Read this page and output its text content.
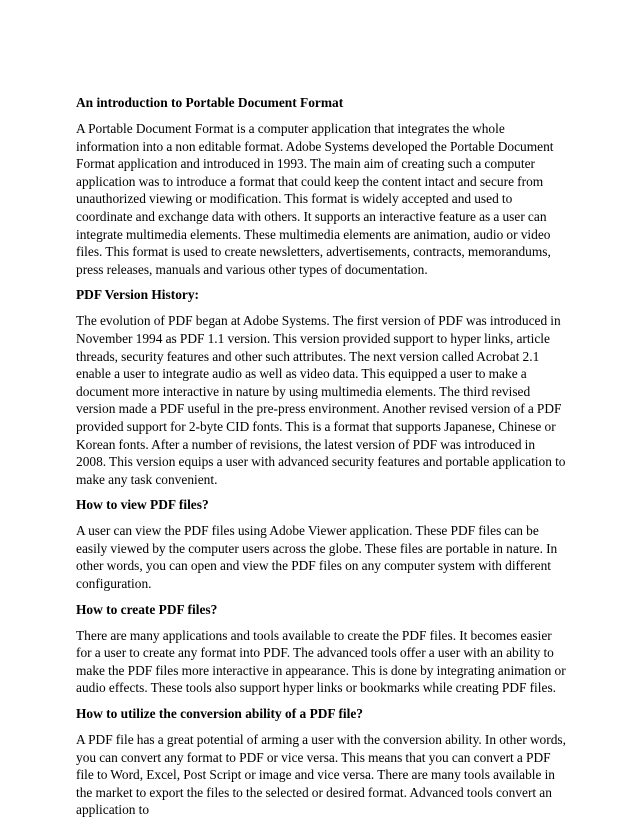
An introduction to Portable Document Format

A Portable Document Format is a computer application that integrates the whole information into a non editable format. Adobe Systems developed the Portable Document Format application and introduced in 1993. The main aim of creating such a computer application was to introduce a format that could keep the content intact and secure from unauthorized viewing or modification. This format is widely accepted and used to coordinate and exchange data with others. It supports an interactive feature as a user can integrate multimedia elements. These multimedia elements are animation, audio or video files. This format is used to create newsletters, advertisements, contracts, memorandums, press releases, manuals and various other types of documentation.

PDF Version History:

The evolution of PDF began at Adobe Systems. The first version of PDF was introduced in November 1994 as PDF 1.1 version. This version provided support to hyper links, article threads, security features and other such attributes. The next version called Acrobat 2.1 enable a user to integrate audio as well as video data. This equipped a user to make a document more interactive in nature by using multimedia elements. The third revised version made a PDF useful in the pre-press environment. Another revised version of a PDF provided support for 2-byte CID fonts. This is a format that supports Japanese, Chinese or Korean fonts. After a number of revisions, the latest version of PDF was introduced in 2008. This version equips a user with advanced security features and portable application to make any task convenient.

How to view PDF files?

A user can view the PDF files using Adobe Viewer application. These PDF files can be easily viewed by the computer users across the globe. These files are portable in nature. In other words, you can open and view the PDF files on any computer system with different configuration.

How to create PDF files?

There are many applications and tools available to create the PDF files. It becomes easier for a user to create any format into PDF. The advanced tools offer a user with an ability to make the PDF files more interactive in appearance. This is done by integrating animation or audio effects. These tools also support hyper links or bookmarks while creating PDF files.

How to utilize the conversion ability of a PDF file?

A PDF file has a great potential of arming a user with the conversion ability. In other words, you can convert any format to PDF or vice versa. This means that you can convert a PDF file to Word, Excel, Post Script or image and vice versa. There are many tools available in the market to export the files to the selected or desired format. Advanced tools convert an application to
